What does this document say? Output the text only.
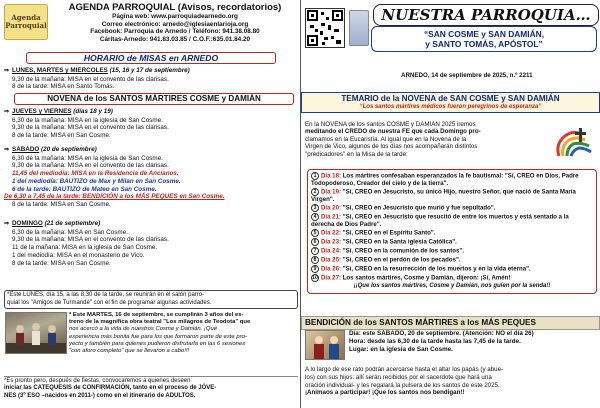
Agenda
Parroquial
AGENDA PARROQUIAL (Avisos, recordatorios)
Página web: www.parroquiadearnedo.org
Correo electrónico: arnedo@iglesiaenlarioja.org
Facebook: Parroquia de Arnedo / Teléfono: 941.38.08.80
Cáritas-Arnedo: 941.83.03.85 / C.O.F.:635.01.84.20
HORARIO de MISAS en ARNEDO
⇒ LUNES, MARTES y MIÉRCOLES (15, 16 y 17 de septiembre)
9,30 de la mañana: MISA en el convento de las clarisas.
8 de la tarde: MISA en Santo Tomás.
NOVENA de los SANTOS MÁRTIRES COSME y DAMIÁN
⇒ JUEVES y VIERNES (días 18 y 19)
6,30 de la mañana: MISA en la iglesia de San Cosme.
9,30 de la mañana: MISA en el convento de las clarisas.
8 de la tarde: MISA en San Cosme.
⇒ SÁBADO (20 de septiembre)
6,30 de la mañana: MISA en la iglesia de San Cosme.
9,30 de la mañana: MISA en el convento de las clarisas.
11,45 del mediodía: MISA en la Residencia de Ancianos.
1 del mediodía: BAUTIZO de Max y Milan en San Cosme.
6 de la tarde: BAUTIZO de Mateo en San Cosme.
De 6,30 a 7,45 de la tarde: BENDICIÓN a los MÁS PEQUES en San Cosme.
8 de la tarde: MISA en San Cosme.
⇒ DOMINGO (21 de septiembre)
6,30 de la mañana: MISA en San Cosme.
9,30 de la mañana: MISA en el convento de las clarisas.
11 de la mañana: MISA en la iglesia de San Cosme.
1 del mediodía: MISA en el monasterio de Vico.
8 de la tarde: MISA en San Cosme.
*Este LUNES, día 15, a las 8,30 de la tarde, se reunirán en el salón parro-
quial los "Amigos de Turmandé" con el fin de programar algunas actividades.
* Este MARTES, 16 de septiembre, se cumplirán 3 años del es-
treno de la magnífica obra teatral "Los milagros de Teodota" que
nos acercó a la vida de nuestros Cosme y Damián. ¡Qué
experiencia más bonita fue para los que formaron parte de este pro-
yecto y también para quienes pudieron disfrutarla en las 6 sesiones
"con aforo completo" que se llevaron a cabo!!!
*Es pronto pero, después de fiestas, convocaremos a quienes deseen
iniciar las CATEQUESIS de CONFIRMACIÓN, tanto en el proceso de JÓVE-
NES (3º ESO –nacidos en 2011-) como en el itinerario de ADULTOS.
NUESTRA PARROQUIA…
“SAN COSME y SAN DAMIÁN,
y SANTO TOMÁS, APÓSTOL”
ARNEDO, 14 de septiembre de 2025, n.º 2211
TEMARIO de la NOVENA de SAN COSME y SAN DAMIÁN
“Los santos mártires médicos fueron peregrinos de esperanza”
En la NOVENA de los santos COSME y DAMIÁN 2025 iremos
meditando el CREDO de nuestra FE que cada Domingo pro-
clamamos en la Eucaristía. Al igual que en la Novena de la
Virgen de Vico, algunos de los días nos acompañarán distintos
"predicadores" en la Misa de la tarde:
1 Día 18: Los mártires confesaban esperanzados la fe bautismal: "Sí, CREO en Dios, Padre Todopoderoso, Creador del cielo y de la tierra".
2 Día 19: "Sí, CREO en Jesucristo, su único Hijo, nuestro Señor, que nació de Santa María Virgen".
3 Día 20: "Sí, CREO en Jesucristo que murió y fue sepultado".
4 Día 21: "Sí, CREO en Jesucristo que resucitó de entre los muertos y está sentado a la derecha de Dios Padre".
5 Día 22: "Sí, CREO en el Espíritu Santo".
6 Día 23: "Sí, CREO en la Santa iglesia Católica".
7 Día 24: "Sí, CREO en la comunión de los santos".
8 Día 25: "Sí, CREO en el perdón de los pecados".
9 Día 26: "Sí, CREO en la resurrección de los muertos y en la vida eterna".
10 Día 27: Los santos mártires, Cosme y Damián, dijeron: ¡Sí, Amén!
¡¡Que los santos mártires, Cosme y Damián, nos guíen por la senda!!
BENDICIÓN de los SANTOS MÁRTIRES a los MÁS PEQUES
Día: este SÁBADO, 20 de septiembre. (Atención: NO el día 26)
Hora: desde las 6,30 de la tarde hasta las 7,45 de la tarde.
Lugar: en la iglesia de San Cosme.
A lo largo de ese rato podrán acercarse hasta el altar los papás (y abue-
los) con sus hijos: allí serán recibidos por el sacerdote que hará una
oración individual- y les regalará la pulsera de los santos de este 2025.
¡Animaos a participar! ¡Que los santos nos bendigan!!
